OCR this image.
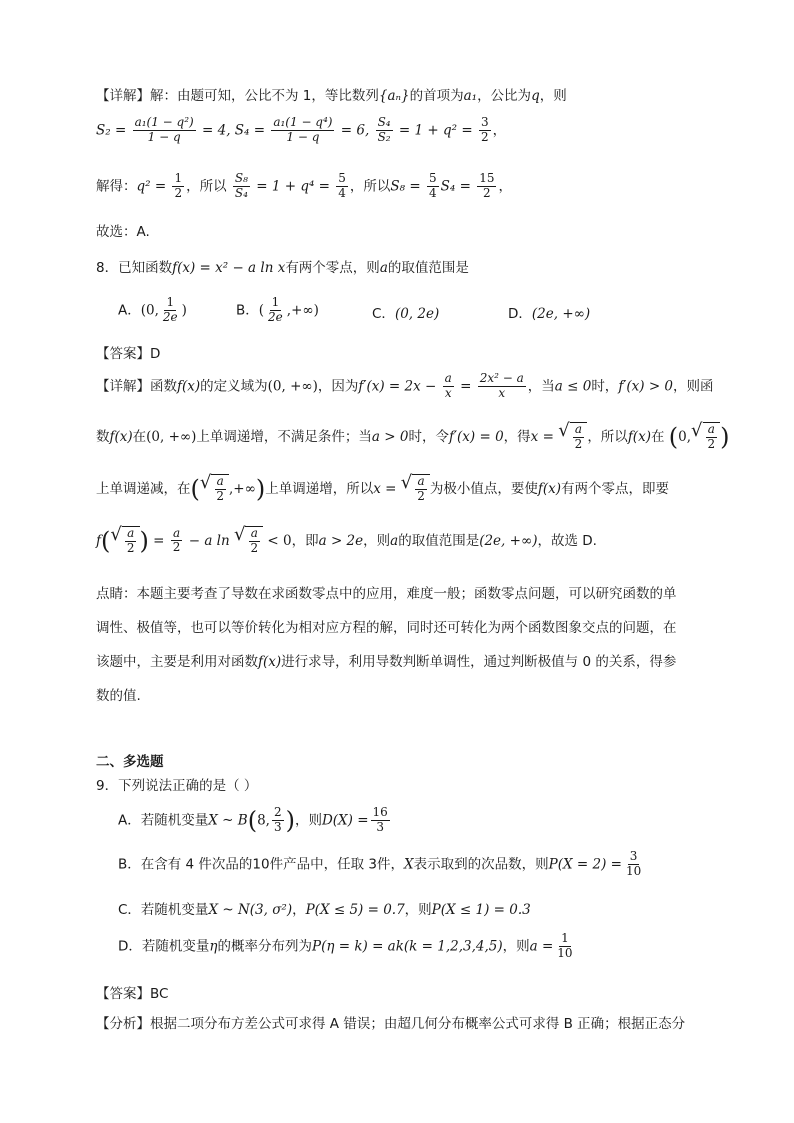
【详解】解：由题可知，公比不为 1，等比数列{aₙ}的首项为a₁，公比为q，则
$S_2 = \frac{\text{a₁(1 − q²)}}{1 - q} = 4$, $S_4 = \frac{\text{a₁(1 − q⁴)}}{1 - q} = 6$, $\frac{\text{S₄}}{\text{S₂}} = 1 + q^2 = \frac{3}{2}$ ，
解得：$q^2 = \frac{1}{2}$ ，所以 $\frac{\text{S₈}}{\text{S₄}} = 1 + q^4 = \frac{5}{4}$ ，所以$S_8 = \frac{5}{4} S_4 = \frac{15}{2}$ ，
故选：A.
8．已知函数f(x) = x² − a ln x有两个零点，则a的取值范围是
A．(0, $\frac{1}{2e}$ )	B．( $\frac{1}{2e}$ ,+∞)	C．(0, 2e)	D．(2e, +∞)
【答案】D
【详解】函数f(x)的定义域为(0, +∞)，因为$f'(x) = 2x - \frac{a}{x} = \frac{\text{2x² − a}}{x}$ ，当a ≤ 0时，f′(x) > 0，则函
数f(x)在(0, +∞)上单调递增，不满足条件；当a > 0时，令f′(x) = 0，得x = √ $\frac{a}{2}$ ，所以f(x)在 (0, √ $\frac{a}{2}$ )
上单调递减，在( √ $\frac{a}{2}$ ,+∞)上单调递增，所以x = √ $\frac{a}{2}$ 为极小值点，要使f(x)有两个零点，即要
f( √ $\frac{a}{2}$ ) = $\frac{a}{2} - a$ ln √ $\frac{a}{2} < 0$，即a > 2e，则a的取值范围是(2e, +∞)，故选 D.
点睛：本题主要考查了导数在求函数零点中的应用，难度一般；函数零点问题，可以研究函数的单
调性、极值等，也可以等价转化为相对应方程的解，同时还可转化为两个函数图象交点的问题，在
该题中，主要是利用对函数f(x)进行求导，利用导数判断单调性，通过判断极值与 0 的关系，得参
数的值.
二、多选题
9．下列说法正确的是（ ）
A．若随机变量X ~ B(8, $\frac{2}{3}$ )，则$D(X) = \frac{16}{3}$
B．在含有 4 件次品的10件产品中，任取 3件，X表示取到的次品数，则$P(X = 2) = \frac{3}{10}$
C．若随机变量X ~ N(3, σ²)，P(X ≤ 5) = 0.7，则P(X ≤ 1) = 0.3
D．若随机变量η的概率分布列为P(η = k) = ak(k = 1,2,3,4,5)，则$a = \frac{1}{10}$
【答案】BC
【分析】根据二项分布方差公式可求得 A 错误；由超几何分布概率公式可求得 B 正确；根据正态分
